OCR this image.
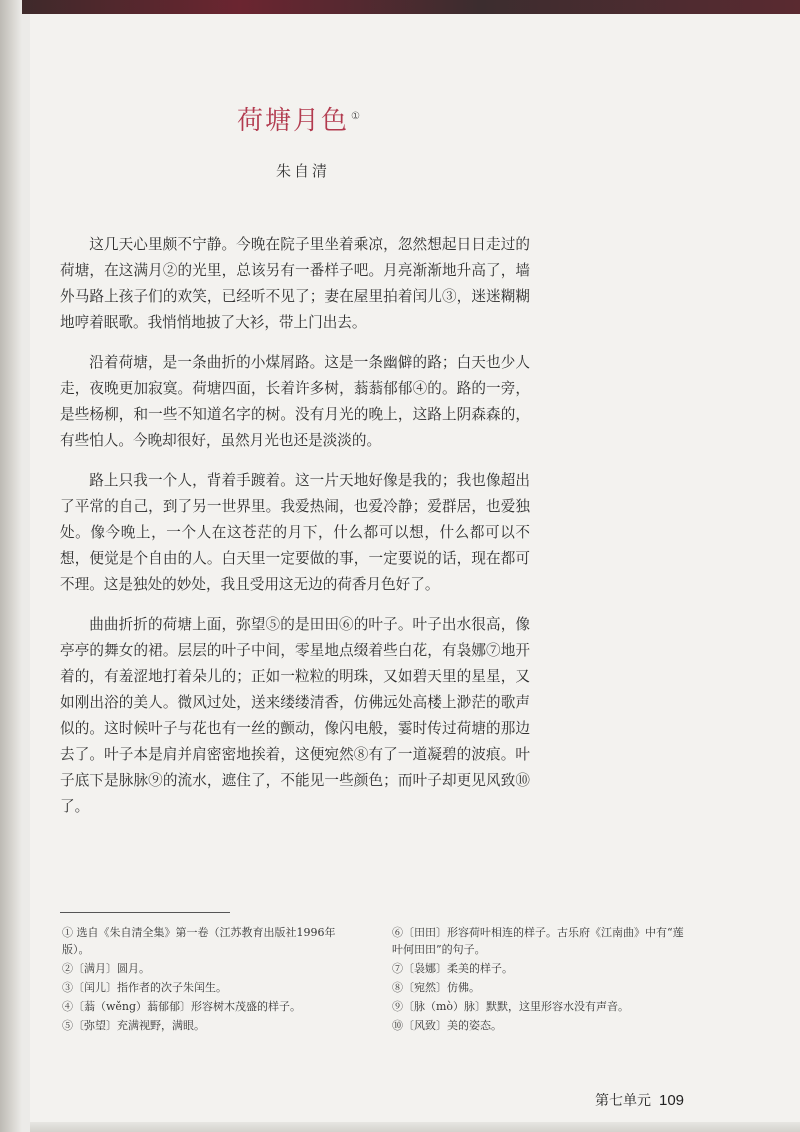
荷塘月色 ①
朱自清

这几天心里颇不宁静。今晚在院子里坐着乘凉，忽然想起日日走过的荷塘，在这满月②的光里，总该另有一番样子吧。月亮渐渐地升高了，墙外马路上孩子们的欢笑，已经听不见了；妻在屋里拍着闰儿③，迷迷糊糊地哼着眠歌。我悄悄地披了大衫，带上门出去。

沿着荷塘，是一条曲折的小煤屑路。这是一条幽僻的路；白天也少人走，夜晚更加寂寞。荷塘四面，长着许多树，蓊蓊郁郁④的。路的一旁，是些杨柳，和一些不知道名字的树。没有月光的晚上，这路上阴森森的，有些怕人。今晚却很好，虽然月光也还是淡淡的。

路上只我一个人，背着手踱着。这一片天地好像是我的；我也像超出了平常的自己，到了另一世界里。我爱热闹，也爱冷静；爱群居，也爱独处。像今晚上，一个人在这苍茫的月下，什么都可以想，什么都可以不想，便觉是个自由的人。白天里一定要做的事，一定要说的话，现在都可不理。这是独处的妙处，我且受用这无边的荷香月色好了。

曲曲折折的荷塘上面，弥望⑤的是田田⑥的叶子。叶子出水很高，像亭亭的舞女的裙。层层的叶子中间，零星地点缀着些白花，有袅娜⑦地开着的，有羞涩地打着朵儿的；正如一粒粒的明珠，又如碧天里的星星，又如刚出浴的美人。微风过处，送来缕缕清香，仿佛远处高楼上渺茫的歌声似的。这时候叶子与花也有一丝的颤动，像闪电般，霎时传过荷塘的那边去了。叶子本是肩并肩密密地挨着，这便宛然⑧有了一道凝碧的波痕。叶子底下是脉脉⑨的流水，遮住了，不能见一些颜色；而叶子却更见风致⑩了。

① 选自《朱自清全集》第一卷（江苏教育出版社1996年版）。
②〔满月〕圆月。
③〔闰儿〕指作者的次子朱闰生。
④〔蓊（wěng）蓊郁郁〕形容树木茂盛的样子。
⑤〔弥望〕充满视野，满眼。
⑥〔田田〕形容荷叶相连的样子。古乐府《江南曲》中有“莲叶何田田”的句子。
⑦〔袅娜〕柔美的样子。
⑧〔宛然〕仿佛。
⑨〔脉（mò）脉〕默默，这里形容水没有声音。
⑩〔风致〕美的姿态。
第七单元 109
